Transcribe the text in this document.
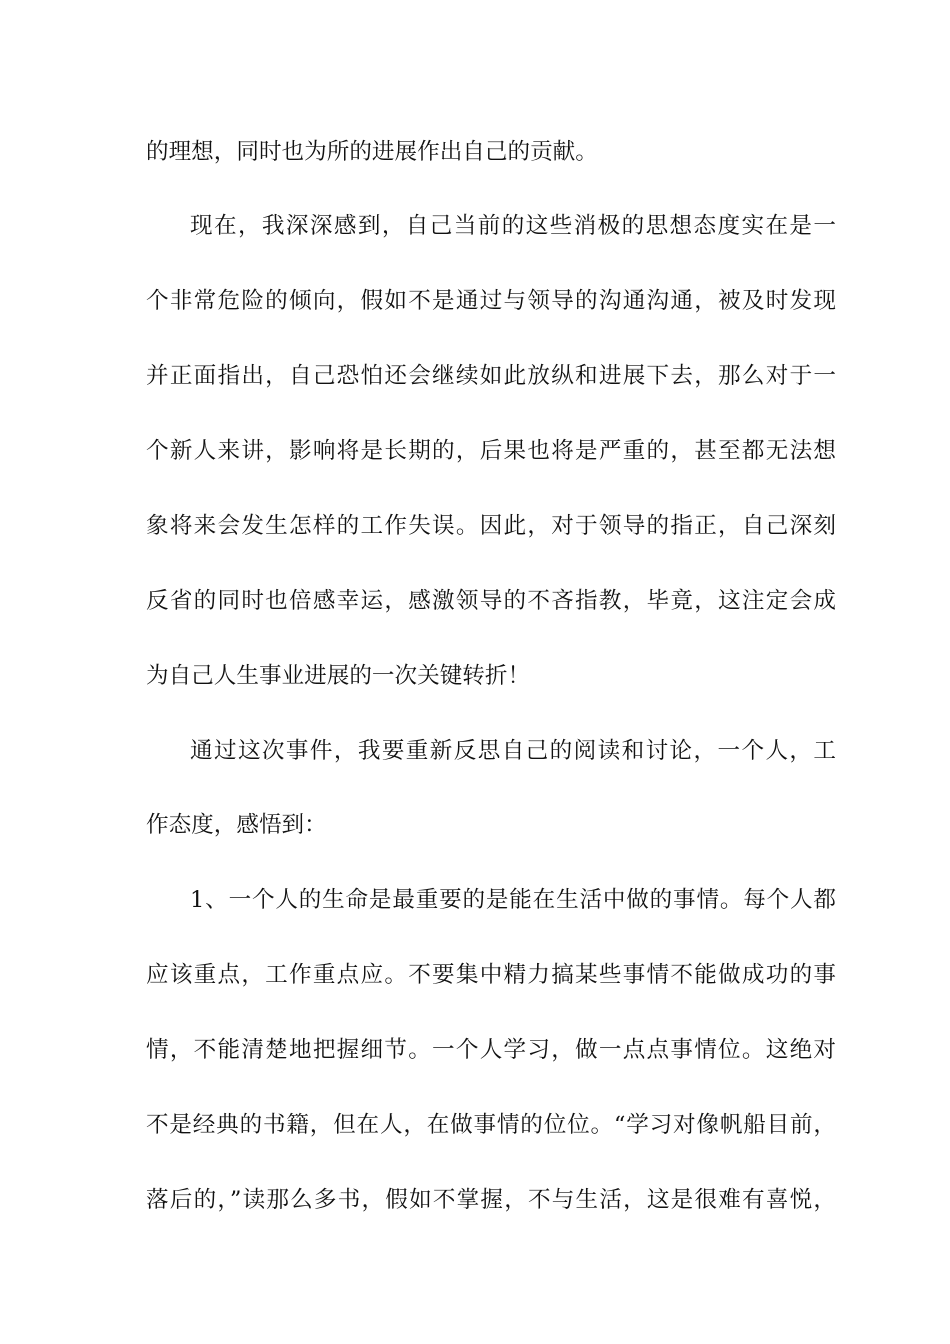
的理想，同时也为所的进展作出自己的贡献。
现在，我深深感到，自己当前的这些消极的思想态度实在是一
个非常危险的倾向，假如不是通过与领导的沟通沟通，被及时发现
并正面指出，自己恐怕还会继续如此放纵和进展下去，那么对于一
个新人来讲，影响将是长期的，后果也将是严重的，甚至都无法想
象将来会发生怎样的工作失误。因此，对于领导的指正，自己深刻
反省的同时也倍感幸运，感激领导的不吝指教，毕竟，这注定会成
为自己人生事业进展的一次关键转折！
通过这次事件，我要重新反思自己的阅读和讨论，一个人，工
作态度，感悟到：
1、一个人的生命是最重要的是能在生活中做的事情。每个人都
应该重点，工作重点应。不要集中精力搞某些事情不能做成功的事
情，不能清楚地把握细节。一个人学习，做一点点事情位。这绝对
不是经典的书籍，但在人，在做事情的位位。“学习对像帆船目前，
落后的，”读那么多书，假如不掌握，不与生活，这是很难有喜悦，
